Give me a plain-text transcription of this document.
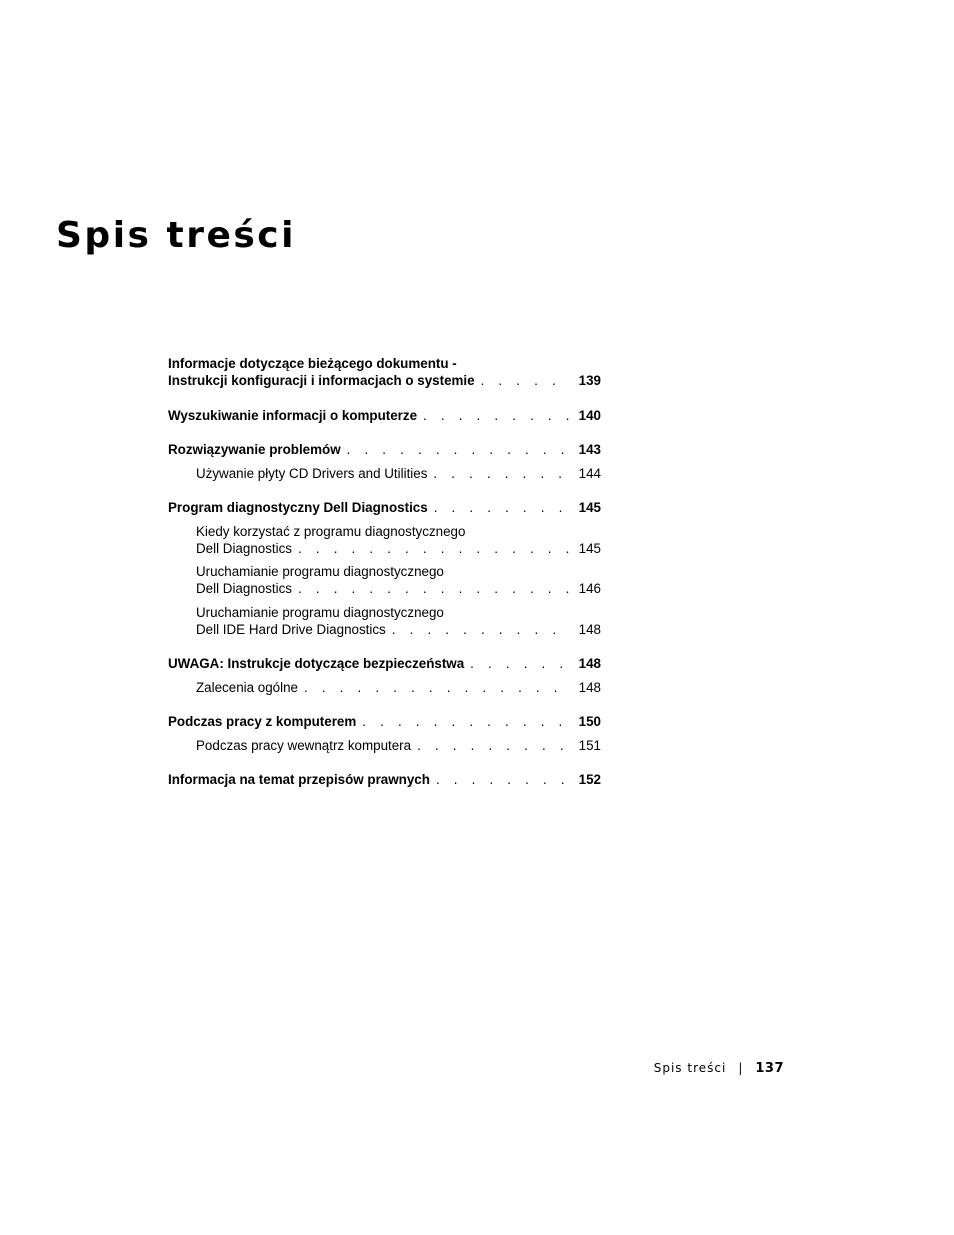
Spis treści
Informacje dotyczące bieżącego dokumentu -
Instrukcji konfiguracji i informacjach o systemie . . .	139
Wyszukiwanie informacji o komputerze . . .	140
Rozwiązywanie problemów . . .	143
Używanie płyty CD Drivers and Utilities . . .	144
Program diagnostyczny Dell Diagnostics . . .	145
Kiedy korzystać z programu diagnostycznego
Dell Diagnostics . . .	145
Uruchamianie programu diagnostycznego
Dell Diagnostics . . .	146
Uruchamianie programu diagnostycznego
Dell IDE Hard Drive Diagnostics . . .	148
UWAGA: Instrukcje dotyczące bezpieczeństwa . . .	148
Zalecenia ogólne . . .	148
Podczas pracy z komputerem . . .	150
Podczas pracy wewnątrz komputera . . .	151
Informacja na temat przepisów prawnych . . .	152
Spis treści | 137
